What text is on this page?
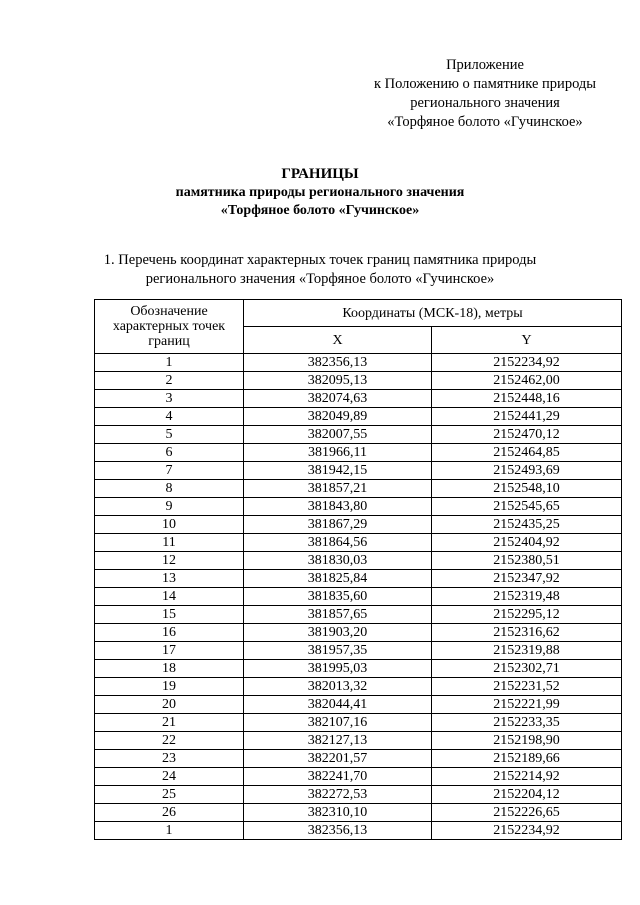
Приложение
к Положению о памятнике природы
регионального значения
«Торфяное болото «Гучинское»
ГРАНИЦЫ
памятника природы регионального значения
«Торфяное болото «Гучинское»
1. Перечень координат характерных точек границ памятника природы
регионального значения «Торфяное болото «Гучинское»
Обозначение характерных точек границ	Координаты (МСК-18), метры	
	X	Y
1	382356,13	2152234,92
2	382095,13	2152462,00
3	382074,63	2152448,16
4	382049,89	2152441,29
5	382007,55	2152470,12
6	381966,11	2152464,85
7	381942,15	2152493,69
8	381857,21	2152548,10
9	381843,80	2152545,65
10	381867,29	2152435,25
11	381864,56	2152404,92
12	381830,03	2152380,51
13	381825,84	2152347,92
14	381835,60	2152319,48
15	381857,65	2152295,12
16	381903,20	2152316,62
17	381957,35	2152319,88
18	381995,03	2152302,71
19	382013,32	2152231,52
20	382044,41	2152221,99
21	382107,16	2152233,35
22	382127,13	2152198,90
23	382201,57	2152189,66
24	382241,70	2152214,92
25	382272,53	2152204,12
26	382310,10	2152226,65
1	382356,13	2152234,92
